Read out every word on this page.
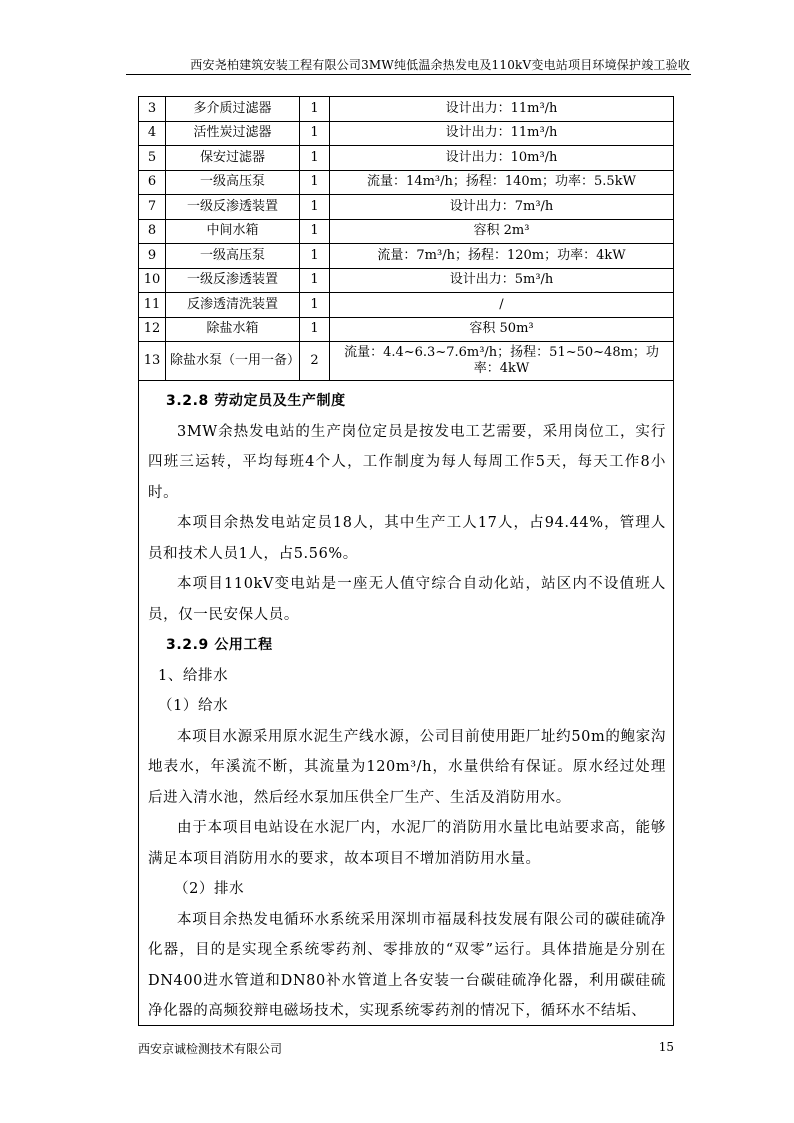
西安尧柏建筑安装工程有限公司3MW纯低温余热发电及110kV变电站项目环境保护竣工验收
3	多介质过滤器	1	设计出力：11m³/h
4	活性炭过滤器	1	设计出力：11m³/h
5	保安过滤器	1	设计出力：10m³/h
6	一级高压泵	1	流量：14m³/h；扬程：140m；功率：5.5kW
7	一级反渗透装置	1	设计出力：7m³/h
8	中间水箱	1	容积 2m³
9	一级高压泵	1	流量：7m³/h；扬程：120m；功率：4kW
10	一级反渗透装置	1	设计出力：5m³/h
11	反渗透清洗装置	1	/
12	除盐水箱	1	容积 50m³
13	除盐水泵（一用一备）	2	流量：4.4~6.3~7.6m³/h；扬程：51~50~48m；功率：4kW

3.2.8 劳动定员及生产制度

3MW余热发电站的生产岗位定员是按发电工艺需要，采用岗位工，实行四班三运转，平均每班4个人，工作制度为每人每周工作5天，每天工作8小时。

本项目余热发电站定员18人，其中生产工人17人，占94.44%，管理人员和技术人员1人，占5.56%。

本项目110kV变电站是一座无人值守综合自动化站，站区内不设值班人员，仅一民安保人员。

3.2.9 公用工程

1、给排水

（1）给水

本项目水源采用原水泥生产线水源，公司目前使用距厂址约50m的鲍家沟地表水，年溪流不断，其流量为120m³/h，水量供给有保证。原水经过处理后进入清水池，然后经水泵加压供全厂生产、生活及消防用水。

由于本项目电站设在水泥厂内，水泥厂的消防用水量比电站要求高，能够满足本项目消防用水的要求，故本项目不增加消防用水量。

（2）排水

本项目余热发电循环水系统采用深圳市福晟科技发展有限公司的碳硅硫净化器，目的是实现全系统零药剂、零排放的“双零”运行。具体措施是分别在DN400进水管道和DN80补水管道上各安装一台碳硅硫净化器，利用碳硅硫净化器的高频狡辩电磁场技术，实现系统零药剂的情况下，循环水不结垢、

西安京诚检测技术有限公司	15
